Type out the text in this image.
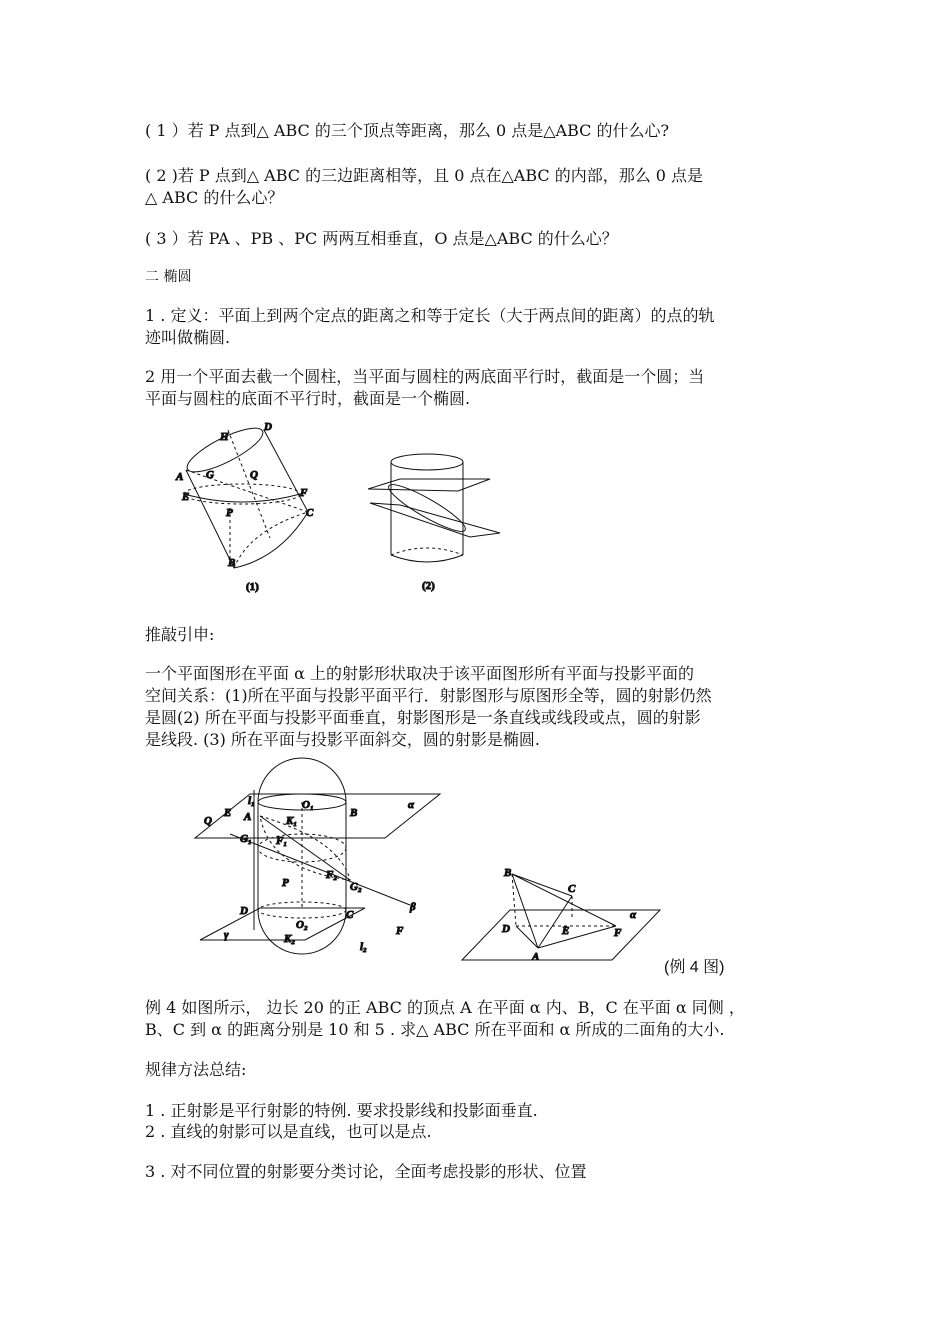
( 1 ）若 P 点到△ ABC 的三个顶点等距离，那么 0 点是△ABC 的什么心?

( 2 )若 P 点到△ ABC 的三边距离相等，且 0 点在△ABC 的内部，那么 0 点是

△ ABC 的什么心？

( 3 ）若 PA 、PB 、PC 两两互相垂直，O 点是△ABC 的什么心？

二 椭圆

1 . 定义：平面上到两个定点的距离之和等于定长（大于两点间的距离）的点的轨

迹叫做椭圆.

2 用一个平面去截一个圆柱，当平面与圆柱的两底面平行时，截面是一个圆；当

平面与圆柱的底面不平行时，截面是一个椭圆.

H
D
A G	Q
E	F
P	C
B
(1)	(2)

推敲引申:

一个平面图形在平面 α 上的射影形状取决于该平面图形所有平面与投影平面的

空间关系：(1)所在平面与投影平面平行．射影图形与原图形全等，圆的射影仍然

是圆(2) 所在平面与投影平面垂直，射影图形是一条直线或线段或点，圆的射影

是线段. (3) 所在平面与投影平面斜交，圆的射影是椭圆.

l₁	O₁	α
Q
E A	K₁
B
G₁ F₁
F₂
G₂
P
β
D	C
O₂
γ	K₂
l₂
F
B
C
α
D	E	F
A
(例 4 图)

例 4 如图所示， 边长 20 的正 ABC 的顶点 A 在平面 α 内、B，C 在平面 α 同侧 ，

B、C 到 α 的距离分别是 10 和 5 . 求△ ABC 所在平面和 α 所成的二面角的大小.

规律方法总结:

1 . 正射影是平行射影的特例. 要求投影线和投影面垂直.

2 . 直线的射影可以是直线，也可以是点.

3 . 对不同位置的射影要分类讨论，全面考虑投影的形状、位置
